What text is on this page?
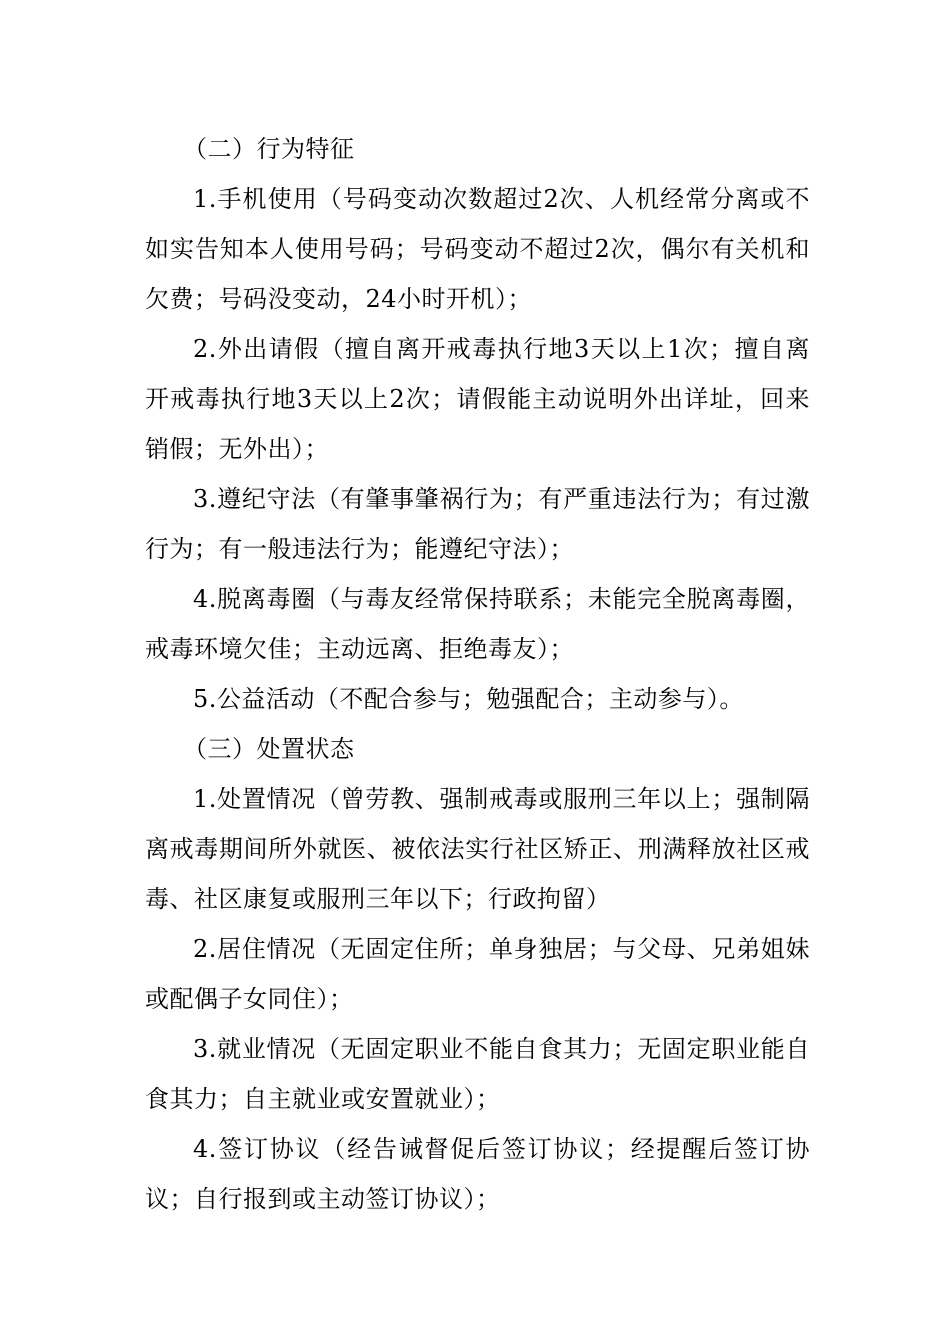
（二）行为特征

1.手机使用（号码变动次数超过2次、人机经常分离或不如实告知本人使用号码；号码变动不超过2次，偶尔有关机和欠费；号码没变动，24小时开机）；

2.外出请假（擅自离开戒毒执行地3天以上1次；擅自离开戒毒执行地3天以上2次；请假能主动说明外出详址，回来销假；无外出）；

3.遵纪守法（有肇事肇祸行为；有严重违法行为；有过激行为；有一般违法行为；能遵纪守法）；

4.脱离毒圈（与毒友经常保持联系；未能完全脱离毒圈，戒毒环境欠佳；主动远离、拒绝毒友）；

5.公益活动（不配合参与；勉强配合；主动参与）。

（三）处置状态

1.处置情况（曾劳教、强制戒毒或服刑三年以上；强制隔离戒毒期间所外就医、被依法实行社区矫正、刑满释放社区戒毒、社区康复或服刑三年以下；行政拘留）

2.居住情况（无固定住所；单身独居；与父母、兄弟姐妹或配偶子女同住）；

3.就业情况（无固定职业不能自食其力；无固定职业能自食其力；自主就业或安置就业）；

4.签订协议（经告诫督促后签订协议；经提醒后签订协议；自行报到或主动签订协议）；
